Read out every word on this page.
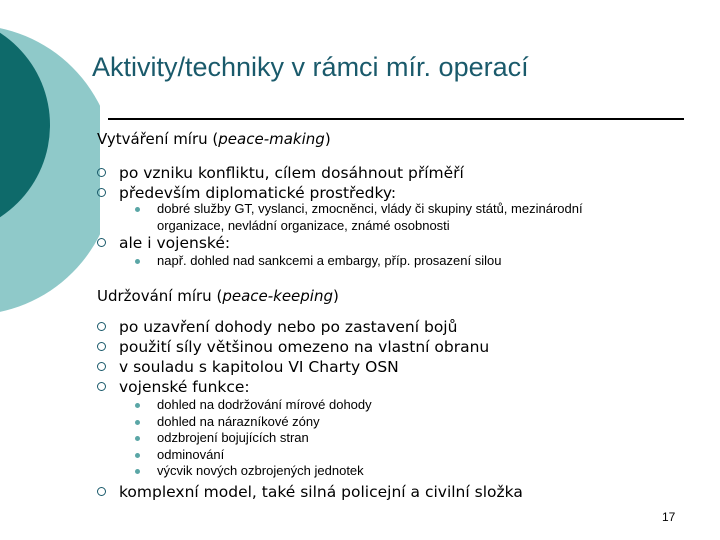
Aktivity/techniky v rámci mír. operací
Vytváření míru (peace-making)
po vzniku konfliktu, cílem dosáhnout příměří
především diplomatické prostředky:
dobré služby GT, vyslanci, zmocněnci, vlády či skupiny států, mezinárodní
organizace, nevládní organizace, známé osobnosti
ale i vojenské:
např. dohled nad sankcemi a embargy, příp. prosazení silou
Udržování míru (peace-keeping)
po uzavření dohody nebo po zastavení bojů
použití síly většinou omezeno na vlastní obranu
v souladu s kapitolou VI Charty OSN
vojenské funkce:
dohled na dodržování mírové dohody
dohled na nárazníkové zóny
odzbrojení bojujících stran
odminování
výcvik nových ozbrojených jednotek
komplexní model, také silná policejní a civilní složka
17
